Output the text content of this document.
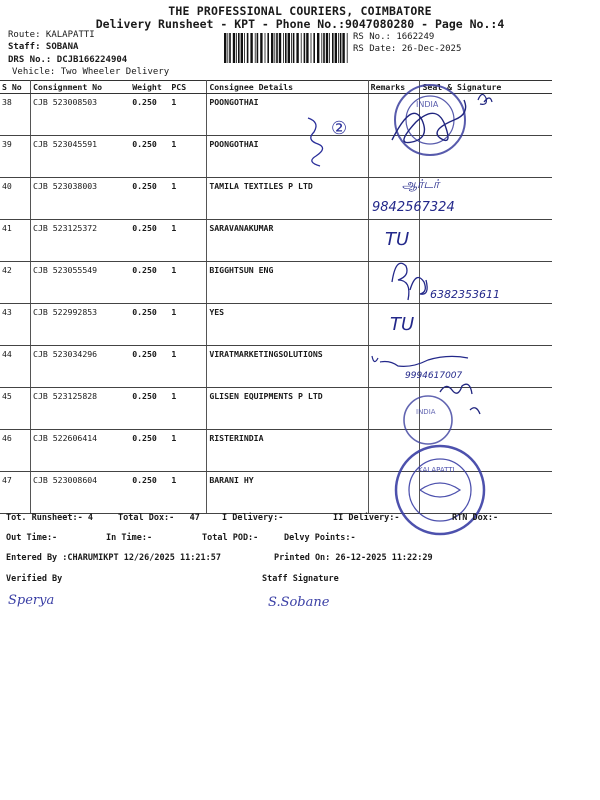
THE PROFESSIONAL COURIERS, COIMBATORE
Delivery Runsheet - KPT - Phone No.:9047080280 - Page No.:4
Route: KALAPATTI
Staff: SOBANA
DRS No.: DCJB166224904
Vehicle: Two Wheeler Delivery
RS No.: 1662249
RS Date: 26-Dec-2025
S No	Consignment No	Weight	PCS	Consignee Details	Remarks	Seal & Signature
38	CJB 523008503	0.250	1	POONGOTHAI		
39	CJB 523045591	0.250	1	POONGOTHAI		
40	CJB 523038003	0.250	1	TAMILA TEXTILES P LTD		
41	CJB 523125372	0.250	1	SARAVANAKUMAR		
42	CJB 523055549	0.250	1	BIGGHTSUN ENG		
43	CJB 522992853	0.250	1	YES		
44	CJB 523034296	0.250	1	VIRATMARKETINGSOLUTIONS		
45	CJB 523125828	0.250	1	GLISEN EQUIPMENTS P LTD		
46	CJB 522606414	0.250	1	RISTERINDIA		
47	CJB 523008604	0.250	1	BARANI HY		
②
INDIA
ஆர்டர்
9842567324
TU
6382353611
TU
9994617007
INDIA
KALAPATTI
Sperya	S.Sobane
Tot. Runsheet:- 4	Total Dox:-   47	I Delivery:-	II Delivery:-	RTN Dox:-
Out Time:-	In Time:-	Total POD:-	Delvy Points:-
Entered By :CHARUMIKPT 12/26/2025 11:21:57	Printed On: 26-12-2025 11:22:29
Verified By	Staff Signature
